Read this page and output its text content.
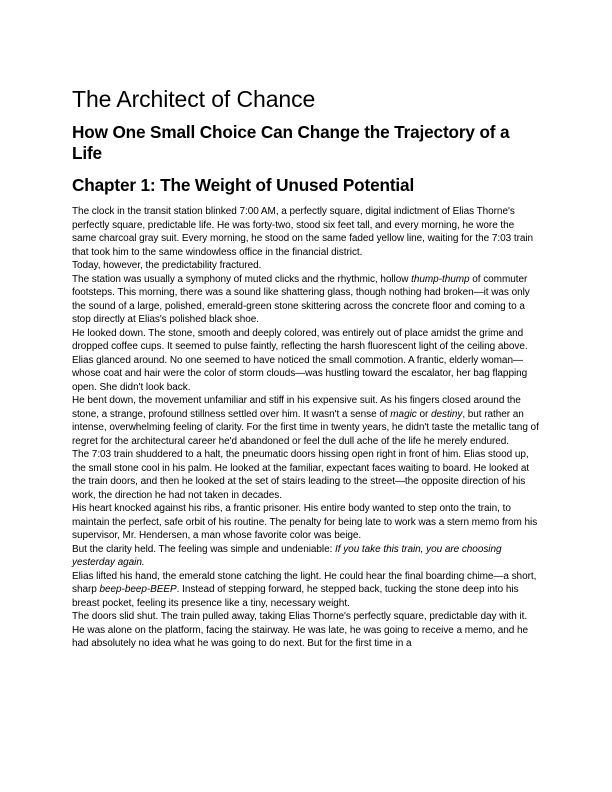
The Architect of Chance
How One Small Choice Can Change the Trajectory of a Life
Chapter 1: The Weight of Unused Potential

The clock in the transit station blinked 7:00 AM, a perfectly square, digital indictment of Elias Thorne's perfectly square, predictable life. He was forty-two, stood six feet tall, and every morning, he wore the same charcoal gray suit. Every morning, he stood on the same faded yellow line, waiting for the 7:03 train that took him to the same windowless office in the financial district.

Today, however, the predictability fractured.

The station was usually a symphony of muted clicks and the rhythmic, hollow thump-thump of commuter footsteps. This morning, there was a sound like shattering glass, though nothing had broken—it was only the sound of a large, polished, emerald-green stone skittering across the concrete floor and coming to a stop directly at Elias's polished black shoe.

He looked down. The stone, smooth and deeply colored, was entirely out of place amidst the grime and dropped coffee cups. It seemed to pulse faintly, reflecting the harsh fluorescent light of the ceiling above.

Elias glanced around. No one seemed to have noticed the small commotion. A frantic, elderly woman—whose coat and hair were the color of storm clouds—was hustling toward the escalator, her bag flapping open. She didn't look back.

He bent down, the movement unfamiliar and stiff in his expensive suit. As his fingers closed around the stone, a strange, profound stillness settled over him. It wasn't a sense of magic or destiny, but rather an intense, overwhelming feeling of clarity. For the first time in twenty years, he didn't taste the metallic tang of regret for the architectural career he'd abandoned or feel the dull ache of the life he merely endured.

The 7:03 train shuddered to a halt, the pneumatic doors hissing open right in front of him. Elias stood up, the small stone cool in his palm. He looked at the familiar, expectant faces waiting to board. He looked at the train doors, and then he looked at the set of stairs leading to the street—the opposite direction of his work, the direction he had not taken in decades.

His heart knocked against his ribs, a frantic prisoner. His entire body wanted to step onto the train, to maintain the perfect, safe orbit of his routine. The penalty for being late to work was a stern memo from his supervisor, Mr. Hendersen, a man whose favorite color was beige.

But the clarity held. The feeling was simple and undeniable: If you take this train, you are choosing yesterday again.

Elias lifted his hand, the emerald stone catching the light. He could hear the final boarding chime—a short, sharp beep-beep-BEEP. Instead of stepping forward, he stepped back, tucking the stone deep into his breast pocket, feeling its presence like a tiny, necessary weight.

The doors slid shut. The train pulled away, taking Elias Thorne's perfectly square, predictable day with it.

He was alone on the platform, facing the stairway. He was late, he was going to receive a memo, and he had absolutely no idea what he was going to do next. But for the first time in a
